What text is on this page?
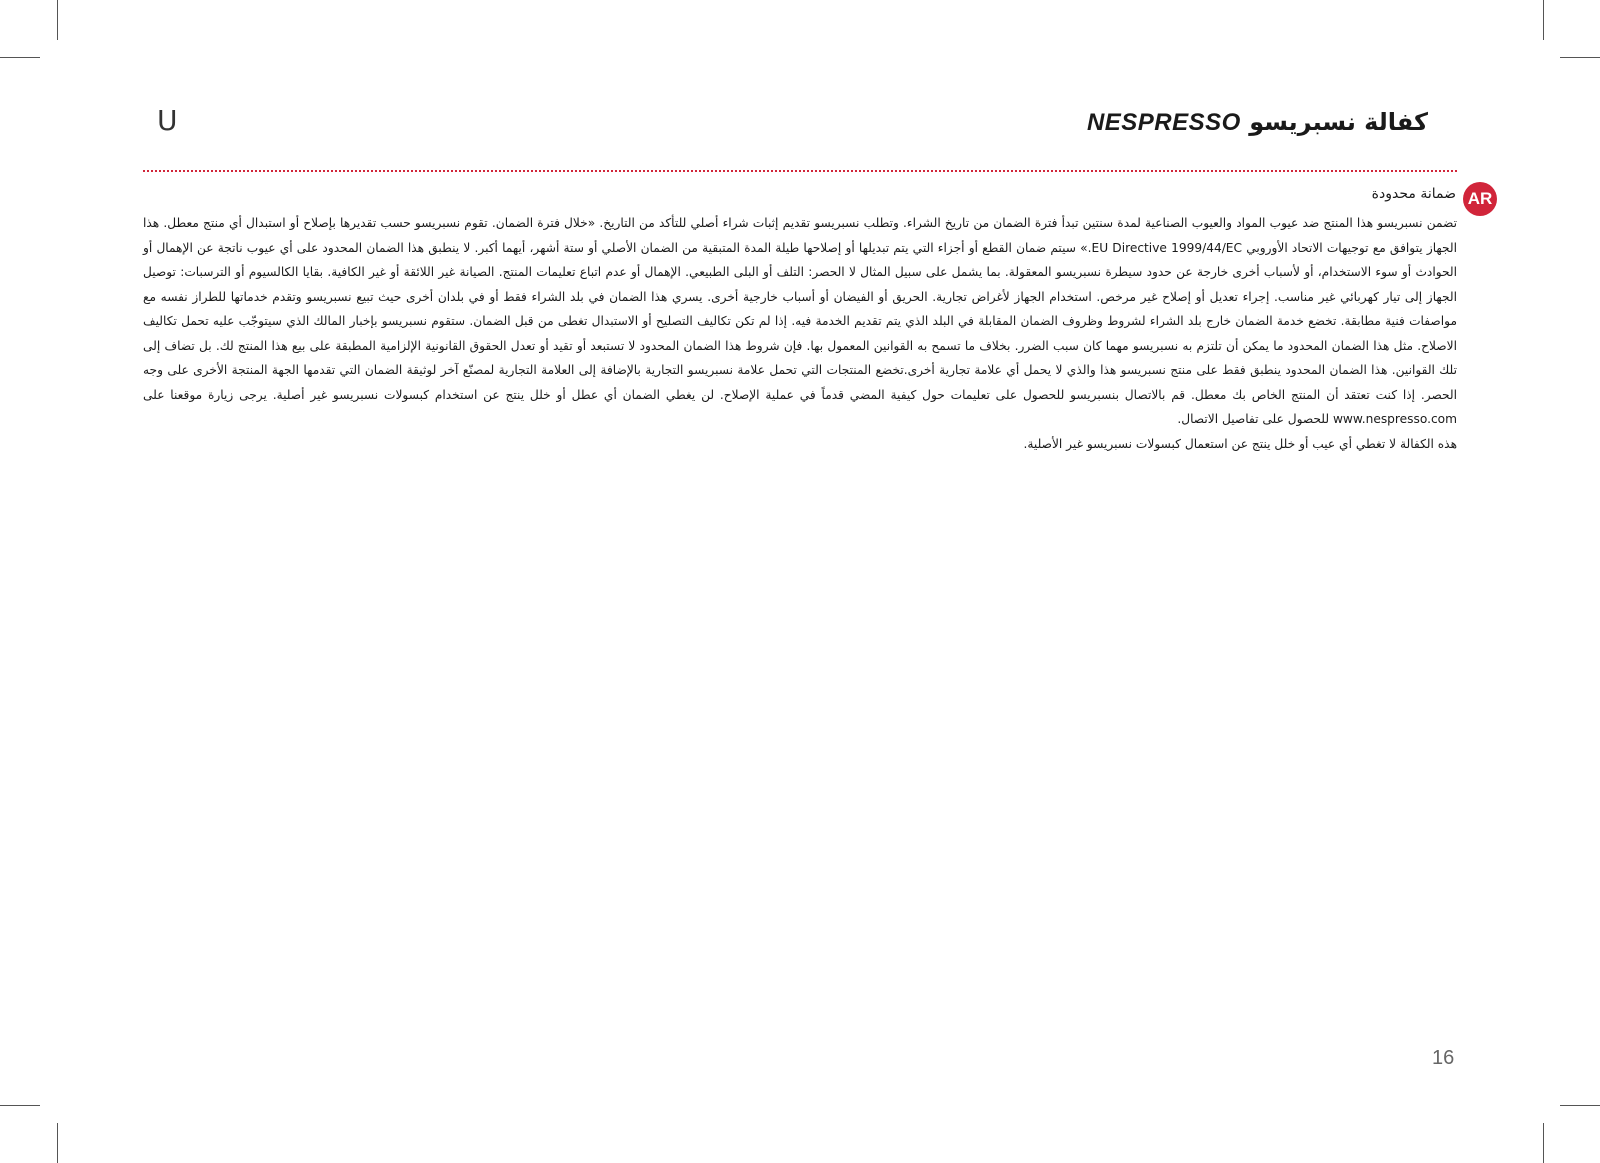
U	كفالة نسبريسو NESPRESSO
AR
ضمانة محدودة

تضمن نسبريسو هذا المنتج ضد عيوب المواد والعيوب الصناعية لمدة سنتين تبدأ فترة الضمان من تاريخ الشراء. وتطلب نسبريسو تقديم إثبات شراء أصلي للتأكد من التاريخ. «خلال فترة الضمان. تقوم نسبريسو حسب تقديرها بإصلاح أو استبدال أي منتج معطل. هذا الجهاز يتوافق مع توجيهات الاتحاد الأوروبي EU Directive 1999/44/EC.» سيتم ضمان القطع أو أجزاء التي يتم تبديلها أو إصلاحها طيلة المدة المتبقية من الضمان الأصلي أو ستة أشهر، أيهما أكبر. لا ينطبق هذا الضمان المحدود على أي عيوب ناتجة عن الإهمال أو الحوادث أو سوء الاستخدام، أو لأسباب أخرى خارجة عن حدود سيطرة نسبريسو المعقولة. بما يشمل على سبيل المثال لا الحصر: التلف أو البلى الطبيعي. الإهمال أو عدم اتباع تعليمات المنتج. الصيانة غير اللائقة أو غير الكافية. بقايا الكالسيوم أو الترسبات: توصيل الجهاز إلى تيار كهربائي غير مناسب. إجراء تعديل أو إصلاح غير مرخص. استخدام الجهاز لأغراض تجارية. الحريق أو الفيضان أو أسباب خارجية أخرى. يسري هذا الضمان في بلد الشراء فقط أو في بلدان أخرى حيث تبيع نسبريسو وتقدم خدماتها للطراز نفسه مع مواصفات فنية مطابقة. تخضع خدمة الضمان خارج بلد الشراء لشروط وظروف الضمان المقابلة في البلد الذي يتم تقديم الخدمة فيه. إذا لم تكن تكاليف التصليح أو الاستبدال تغطى من قبل الضمان. ستقوم نسبريسو بإخبار المالك الذي سيتوجّب عليه تحمل تكاليف الاصلاح. مثل هذا الضمان المحدود ما يمكن أن تلتزم به نسبريسو مهما كان سبب الضرر. بخلاف ما تسمح به القوانين المعمول بها. فإن شروط هذا الضمان المحدود لا تستبعد أو تقيد أو تعدل الحقوق القانونية الإلزامية المطبقة على بيع هذا المنتج لك. بل تضاف إلى تلك القوانين. هذا الضمان المحدود ينطبق فقط على منتج نسبريسو هذا والذي لا يحمل أي علامة تجارية أخرى.تخضع المنتجات التي تحمل علامة نسبريسو التجارية بالإضافة إلى العلامة التجارية لمصنّع آخر لوثيقة الضمان التي تقدمها الجهة المنتجة الأخرى على وجه الحصر. إذا كنت تعتقد أن المنتج الخاص بك معطل. قم بالاتصال بنسبريسو للحصول على تعليمات حول كيفية المضي قدماً في عملية الإصلاح. لن يغطي الضمان أي عطل أو خلل ينتج عن استخدام كبسولات نسبريسو غير أصلية. يرجى زيارة موقعنا على www.nespresso.com للحصول على تفاصيل الاتصال.

هذه الكفالة لا تغطي أي عيب أو خلل ينتج عن استعمال كبسولات نسبريسو غير الأصلية.

16
